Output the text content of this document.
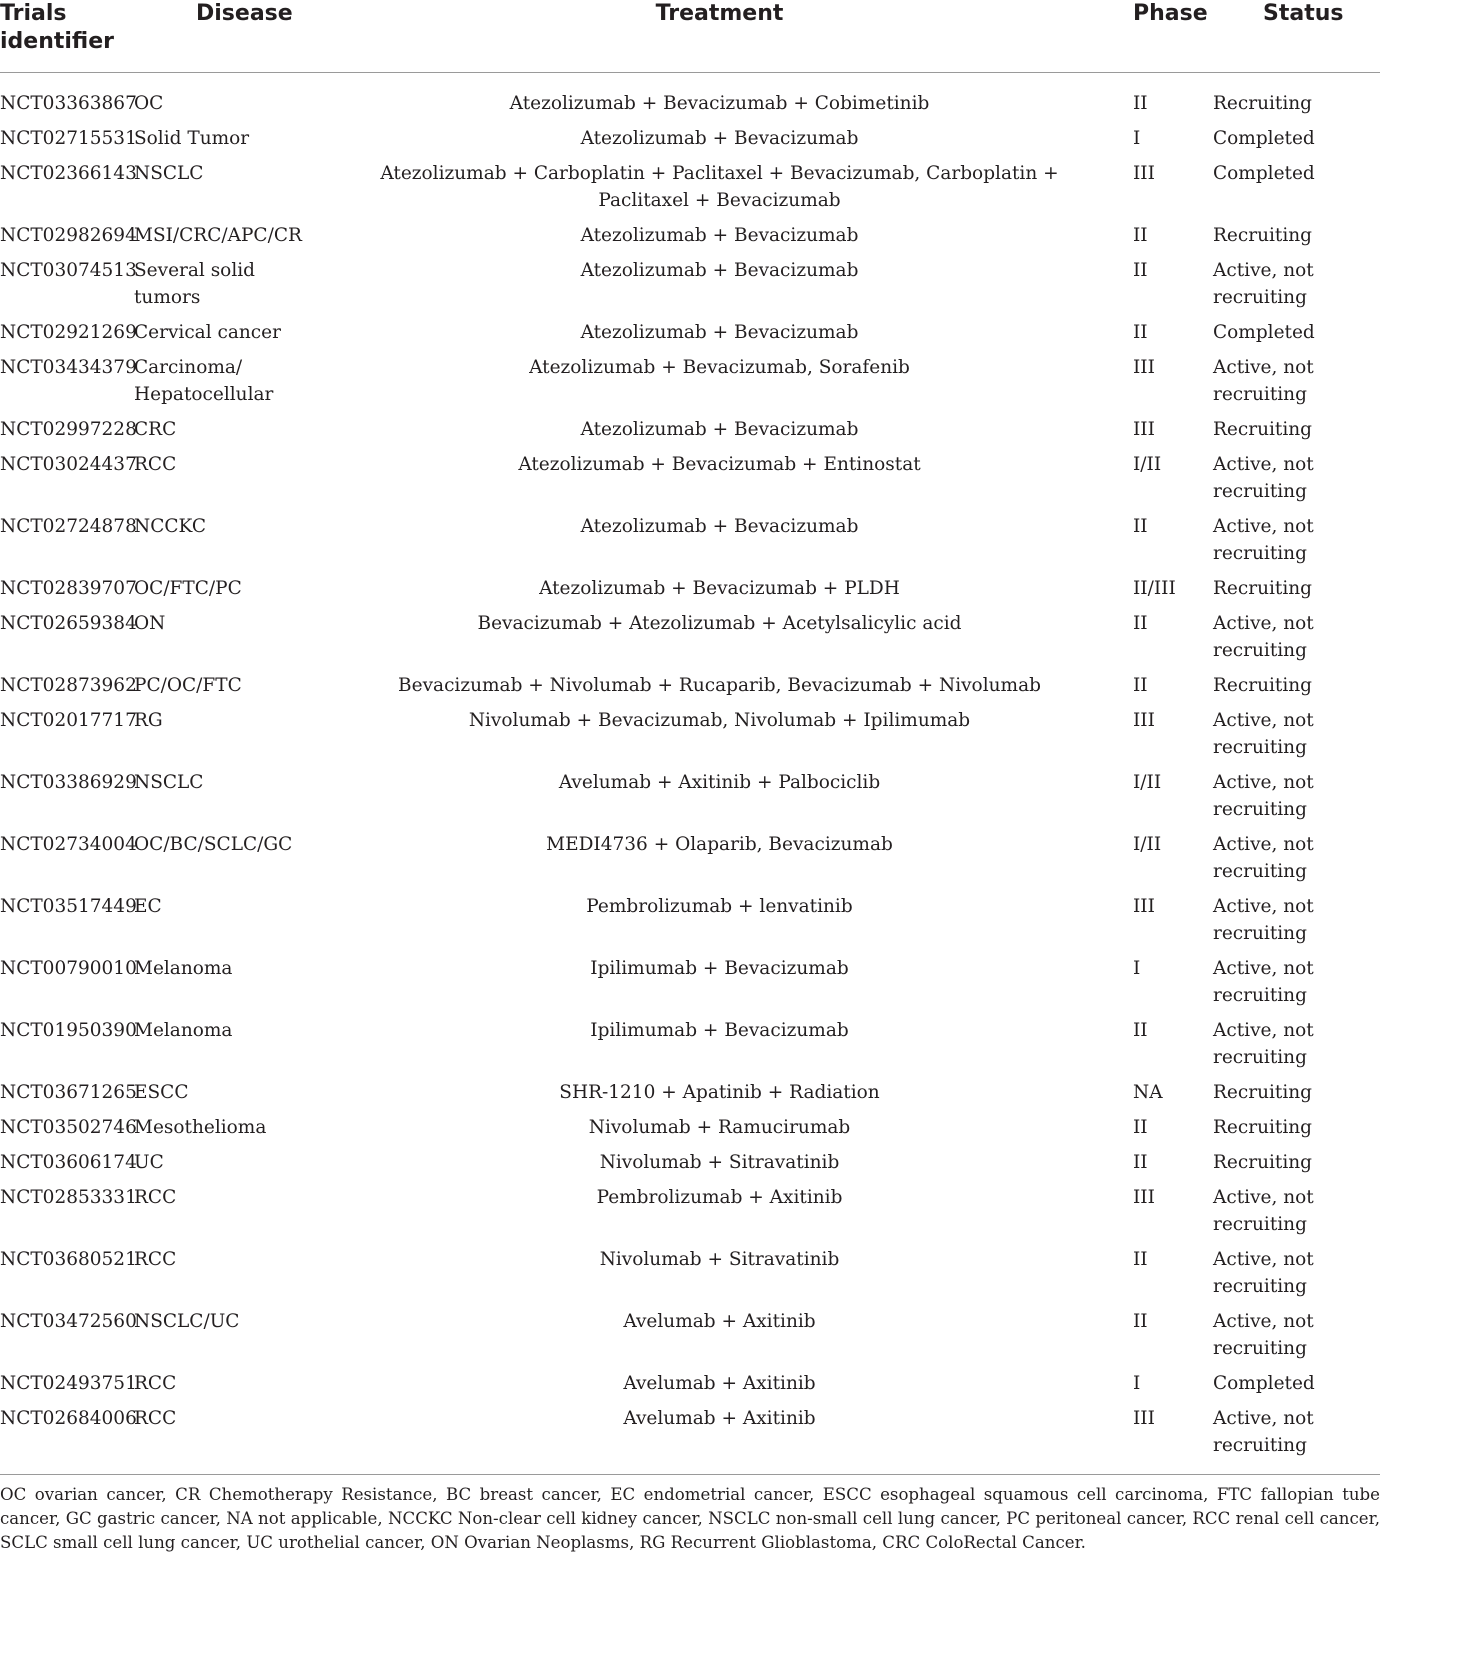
Trials identifier	Disease	Treatment	Phase	Status
NCT03363867	OC	Atezolizumab + Bevacizumab + Cobimetinib	II	Recruiting
NCT02715531	Solid Tumor	Atezolizumab + Bevacizumab	I	Completed
NCT02366143	NSCLC	Atezolizumab + Carboplatin + Paclitaxel + Bevacizumab, Carboplatin + Paclitaxel + Bevacizumab	III	Completed
NCT02982694	MSI/CRC/APC/CR	Atezolizumab + Bevacizumab	II	Recruiting
NCT03074513	Several solid tumors	Atezolizumab + Bevacizumab	II	Active, not recruiting
NCT02921269	Cervical cancer	Atezolizumab + Bevacizumab	II	Completed
NCT03434379	Carcinoma/ Hepatocellular	Atezolizumab + Bevacizumab, Sorafenib	III	Active, not recruiting
NCT02997228	CRC	Atezolizumab + Bevacizumab	III	Recruiting
NCT03024437	RCC	Atezolizumab + Bevacizumab + Entinostat	I/II	Active, not recruiting
NCT02724878	NCCKC	Atezolizumab + Bevacizumab	II	Active, not recruiting
NCT02839707	OC/FTC/PC	Atezolizumab + Bevacizumab + PLDH	II/III	Recruiting
NCT02659384	ON	Bevacizumab + Atezolizumab + Acetylsalicylic acid	II	Active, not recruiting
NCT02873962	PC/OC/FTC	Bevacizumab + Nivolumab + Rucaparib, Bevacizumab + Nivolumab	II	Recruiting
NCT02017717	RG	Nivolumab + Bevacizumab, Nivolumab + Ipilimumab	III	Active, not recruiting
NCT03386929	NSCLC	Avelumab + Axitinib + Palbociclib	I/II	Active, not recruiting
NCT02734004	OC/BC/SCLC/GC	MEDI4736 + Olaparib, Bevacizumab	I/II	Active, not recruiting
NCT03517449	EC	Pembrolizumab + lenvatinib	III	Active, not recruiting
NCT00790010	Melanoma	Ipilimumab + Bevacizumab	I	Active, not recruiting
NCT01950390	Melanoma	Ipilimumab + Bevacizumab	II	Active, not recruiting
NCT03671265	ESCC	SHR-1210 + Apatinib + Radiation	NA	Recruiting
NCT03502746	Mesothelioma	Nivolumab + Ramucirumab	II	Recruiting
NCT03606174	UC	Nivolumab + Sitravatinib	II	Recruiting
NCT02853331	RCC	Pembrolizumab + Axitinib	III	Active, not recruiting
NCT03680521	RCC	Nivolumab + Sitravatinib	II	Active, not recruiting
NCT03472560	NSCLC/UC	Avelumab + Axitinib	II	Active, not recruiting
NCT02493751	RCC	Avelumab + Axitinib	I	Completed
NCT02684006	RCC	Avelumab + Axitinib	III	Active, not recruiting
OC ovarian cancer, CR Chemotherapy Resistance, BC breast cancer, EC endometrial cancer, ESCC esophageal squamous cell carcinoma, FTC fallopian tube cancer, GC gastric cancer, NA not applicable, NCCKC Non-clear cell kidney cancer, NSCLC non-small cell lung cancer, PC peritoneal cancer, RCC renal cell cancer, SCLC small cell lung cancer, UC urothelial cancer, ON Ovarian Neoplasms, RG Recurrent Glioblastoma, CRC ColoRectal Cancer.
